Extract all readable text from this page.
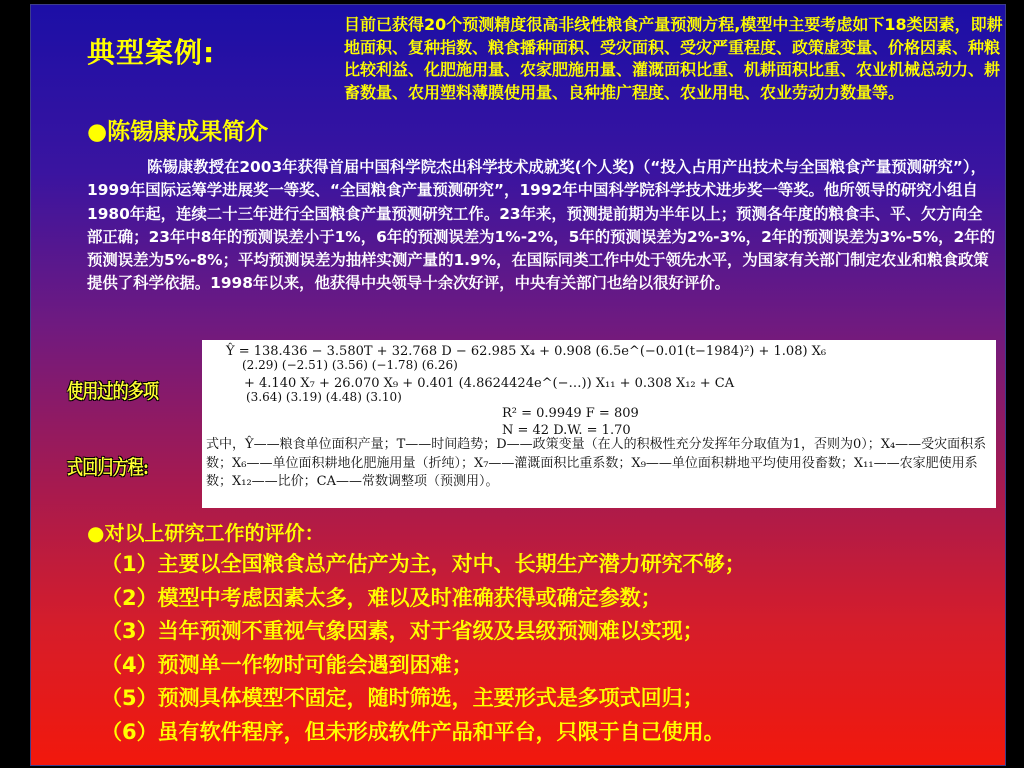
典型案例:
目前已获得20个预测精度很高非线性粮食产量预测方程,模型中主要考虑如下18类因素，即耕地面积、复种指数、粮食播种面积、受灾面积、受灾严重程度、政策虚变量、价格因素、种粮比较利益、化肥施用量、农家肥施用量、灌溉面积比重、机耕面积比重、农业机械总动力、耕畜数量、农用塑料薄膜使用量、良种推广程度、农业用电、农业劳动力数量等。
●陈锡康成果简介
陈锡康教授在2003年获得首届中国科学院杰出科学技术成就奖(个人奖)（“投入占用产出技术与全国粮食产量预测研究”），1999年国际运筹学进展奖一等奖、“全国粮食产量预测研究”，1992年中国科学院科学技术进步奖一等奖。他所领导的研究小组自1980年起，连续二十三年进行全国粮食产量预测研究工作。23年来，预测提前期为半年以上；预测各年度的粮食丰、平、欠方向全部正确；23年中8年的预测误差小于1%，6年的预测误差为1%-2%，5年的预测误差为2%-3%，2年的预测误差为3%-5%，2年的预测误差为5%-8%；平均预测误差为抽样实测产量的1.9%，在国际同类工作中处于领先水平，为国家有关部门制定农业和粮食政策提供了科学依据。1998年以来，他获得中央领导十余次好评，中央有关部门也给以很好评价。
使用过的多项
式回归方程:
Ŷ = 138.436 − 3.580T + 32.768 D − 62.985 X₄ + 0.908 (6.5e^(−0.01(t−1984)²) + 1.08) X₆
(2.29) (−2.51) (3.56) (−1.78) (6.26)
+ 4.140 X₇ + 26.070 X₉ + 0.401 (4.8624424e^(−…)) X₁₁ + 0.308 X₁₂ + CA
(3.64) (3.19) (4.48) (3.10)
R² = 0.9949 F = 809
N = 42 D.W. = 1.70
式中，Ŷ——粮食单位面积产量；T——时间趋势；D——政策变量（在人的积极性充分发挥年分取值为1，否则为0）；X₄——受灾面积系数；X₆——单位面积耕地化肥施用量（折纯）；X₇——灌溉面积比重系数；X₉——单位面积耕地平均使用役畜数；X₁₁——农家肥使用系数；X₁₂——比价；CA——常数调整项（预测用）。
●对以上研究工作的评价：
（1）主要以全国粮食总产估产为主，对中、长期生产潜力研究不够；
（2）模型中考虑因素太多，难以及时准确获得或确定参数；
（3）当年预测不重视气象因素，对于省级及县级预测难以实现；
（4）预测单一作物时可能会遇到困难；
（5）预测具体模型不固定，随时筛选，主要形式是多项式回归；
（6）虽有软件程序，但未形成软件产品和平台，只限于自己使用。
